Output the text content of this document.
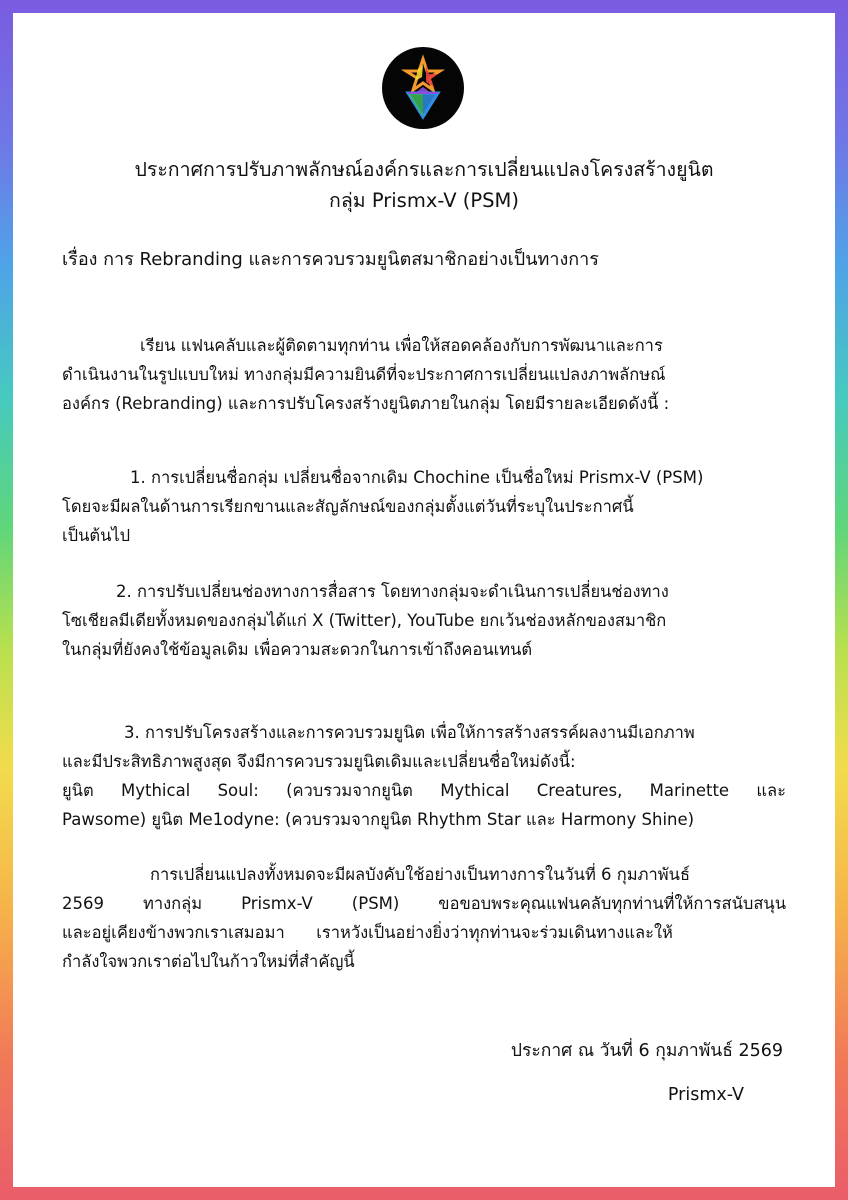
ประกาศการปรับภาพลักษณ์องค์กรและการเปลี่ยนแปลงโครงสร้างยูนิต
กลุ่ม Prismx-V (PSM)
เรื่อง การ Rebranding และการควบรวมยูนิตสมาชิกอย่างเป็นทางการ
เรียน แฟนคลับและผู้ติดตามทุกท่าน เพื่อให้สอดคล้องกับการพัฒนาและการ
ดำเนินงานในรูปแบบใหม่ ทางกลุ่มมีความยินดีที่จะประกาศการเปลี่ยนแปลงภาพลักษณ์
องค์กร (Rebranding) และการปรับโครงสร้างยูนิตภายในกลุ่ม โดยมีรายละเอียดดังนี้ :
1. การเปลี่ยนชื่อกลุ่ม เปลี่ยนชื่อจากเดิม Chochine เป็นชื่อใหม่ Prismx-V (PSM)
โดยจะมีผลในด้านการเรียกขานและสัญลักษณ์ของกลุ่มตั้งแต่วันที่ระบุในประกาศนี้
เป็นต้นไป
2. การปรับเปลี่ยนช่องทางการสื่อสาร โดยทางกลุ่มจะดำเนินการเปลี่ยนช่องทาง
โซเชียลมีเดียทั้งหมดของกลุ่มได้แก่ X (Twitter), YouTube ยกเว้นช่องหลักของสมาชิก
ในกลุ่มที่ยังคงใช้ข้อมูลเดิม เพื่อความสะดวกในการเข้าถึงคอนเทนต์
3. การปรับโครงสร้างและการควบรวมยูนิต เพื่อให้การสร้างสรรค์ผลงานมีเอกภาพ
และมีประสิทธิภาพสูงสุด จึงมีการควบรวมยูนิตเดิมและเปลี่ยนชื่อใหม่ดังนี้:
ยูนิต Mythical Soul: (ควบรวมจากยูนิต Mythical Creatures, Marinette และ
Pawsome) ยูนิต Me1odyne: (ควบรวมจากยูนิต Rhythm Star และ Harmony Shine)
การเปลี่ยนแปลงทั้งหมดจะมีผลบังคับใช้อย่างเป็นทางการในวันที่ 6 กุมภาพันธ์
2569 ทางกลุ่ม Prismx-V (PSM) ขอขอบพระคุณแฟนคลับทุกท่านที่ให้การสนับสนุน
และอยู่เคียงข้างพวกเราเสมอมา      เราหวังเป็นอย่างยิ่งว่าทุกท่านจะร่วมเดินทางและให้
กำลังใจพวกเราต่อไปในก้าวใหม่ที่สำคัญนี้
ประกาศ ณ วันที่ 6 กุมภาพันธ์ 2569
Prismx-V
